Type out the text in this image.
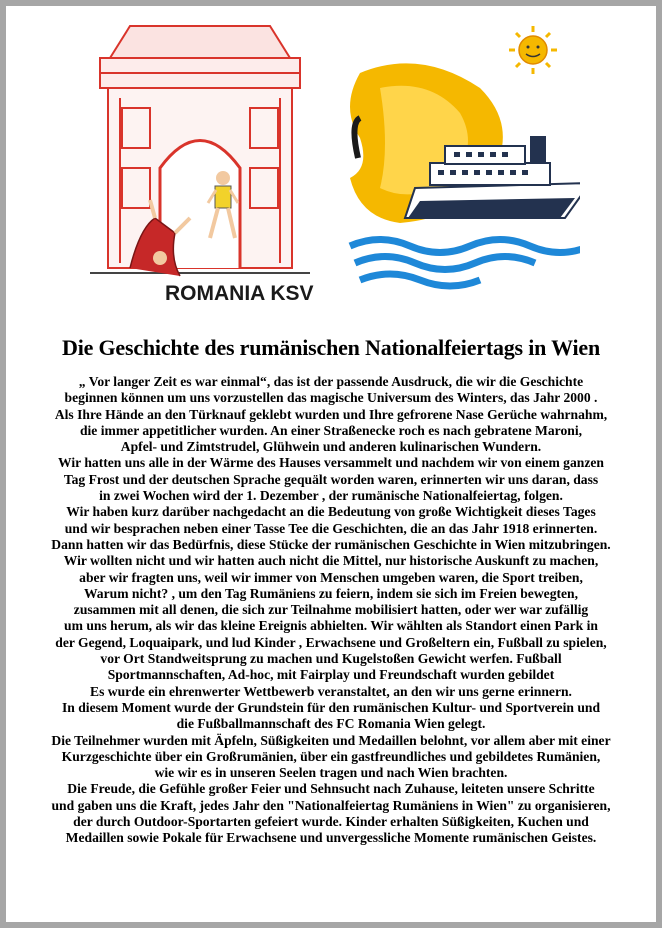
ROMANIA KSV
Die Geschichte des rumänischen Nationalfeiertags in Wien
„ Vor langer Zeit es war einmal“, das ist der passende Ausdruck, die wir die Geschichte
beginnen können um uns vorzustellen das magische Universum des Winters, das Jahr 2000 .
Als Ihre Hände an den Türknauf geklebt wurden und Ihre gefrorene Nase Gerüche wahrnahm,
die immer appetitlicher wurden. An einer Straßenecke roch es nach gebratene Maroni,
Apfel- und Zimtstrudel, Glühwein und anderen kulinarischen Wundern.
Wir hatten uns alle in der Wärme des Hauses versammelt und nachdem wir von einem ganzen
Tag Frost und der deutschen Sprache gequält worden waren, erinnerten wir uns daran, dass
in zwei Wochen wird der 1. Dezember , der rumänische Nationalfeiertag, folgen.
Wir haben kurz darüber nachgedacht an die Bedeutung von große Wichtigkeit dieses Tages
und wir besprachen neben einer Tasse Tee die Geschichten, die an das Jahr 1918 erinnerten.
Dann hatten wir das Bedürfnis, diese Stücke der rumänischen Geschichte in Wien mitzubringen.
Wir wollten nicht und wir hatten auch nicht die Mittel, nur historische Auskunft zu machen,
aber wir fragten uns, weil wir immer von Menschen umgeben waren, die Sport treiben,
Warum nicht? , um den Tag Rumäniens zu feiern, indem sie sich im Freien bewegten,
zusammen mit all denen, die sich zur Teilnahme mobilisiert hatten, oder wer war zufällig
um uns herum, als wir das kleine Ereignis abhielten. Wir wählten als Standort einen Park in
der Gegend, Loquaipark, und lud Kinder , Erwachsene und Großeltern ein, Fußball zu spielen,
vor Ort Standweitsprung zu machen und Kugelstoßen Gewicht werfen. Fußball
Sportmannschaften, Ad-hoc, mit Fairplay und Freundschaft wurden gebildet
Es wurde ein ehrenwerter Wettbewerb veranstaltet, an den wir uns gerne erinnern.
In diesem Moment wurde der Grundstein für den rumänischen Kultur- und Sportverein und
die Fußballmannschaft des FC Romania Wien gelegt.
Die Teilnehmer wurden mit Äpfeln, Süßigkeiten und Medaillen belohnt, vor allem aber mit einer
Kurzgeschichte über ein Großrumänien, über ein gastfreundliches und gebildetes Rumänien,
wie wir es in unseren Seelen tragen und nach Wien brachten.
Die Freude, die Gefühle großer Feier und Sehnsucht nach Zuhause, leiteten unsere Schritte
und gaben uns die Kraft, jedes Jahr den "Nationalfeiertag Rumäniens in Wien" zu organisieren,
der durch Outdoor-Sportarten gefeiert wurde. Kinder erhalten Süßigkeiten, Kuchen und
Medaillen sowie Pokale für Erwachsene und unvergessliche Momente rumänischen Geistes.
